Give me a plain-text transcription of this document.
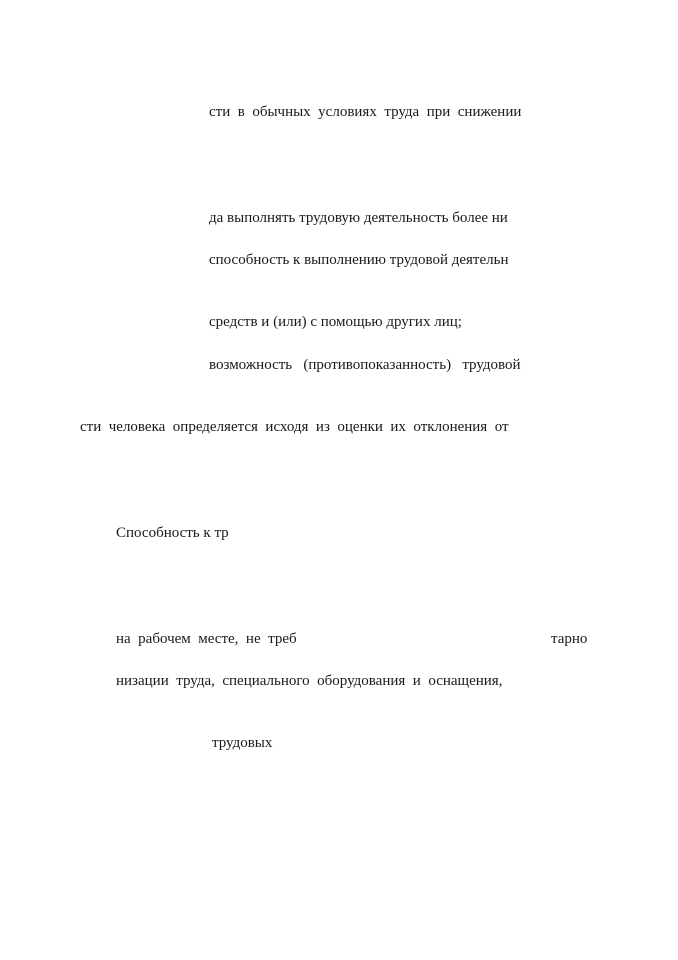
сти  в  обычных  условиях  труда  при  снижении
да выполнять трудовую деятельность более ни
способность к выполнению трудовой деятельн
средств и (или) с помощью других лиц;
возможность   (противопоказанность)   трудовой
сти  человека  определяется  исходя  из  оценки  их  отклонения  от
Способность к тр
на  рабочем  месте,  не  треб	тарно
низации  труда,  специального  оборудования  и  оснащения,
трудовых
